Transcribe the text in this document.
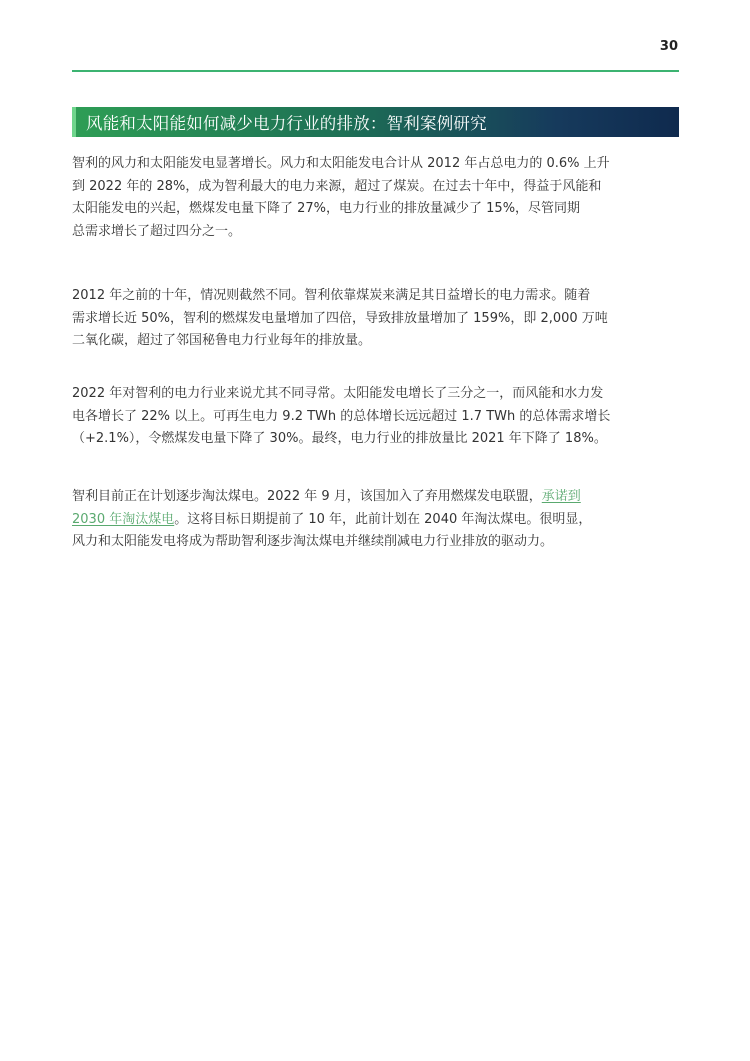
30
风能和太阳能如何减少电力行业的排放：智利案例研究

智利的风力和太阳能发电显著增长。风力和太阳能发电合计从 2012 年占总电力的 0.6% 上升
到 2022 年的 28%，成为智利最大的电力来源，超过了煤炭。在过去十年中，得益于风能和
太阳能发电的兴起，燃煤发电量下降了 27%，电力行业的排放量减少了 15%，尽管同期
总需求增长了超过四分之一。

2012 年之前的十年，情况则截然不同。智利依靠煤炭来满足其日益增长的电力需求。随着
需求增长近 50%，智利的燃煤发电量增加了四倍，导致排放量增加了 159%，即 2,000 万吨
二氧化碳，超过了邻国秘鲁电力行业每年的排放量。

2022 年对智利的电力行业来说尤其不同寻常。太阳能发电增长了三分之一，而风能和水力发
电各增长了 22% 以上。可再生电力 9.2 TWh 的总体增长远远超过 1.7 TWh 的总体需求增长
（+2.1%），令燃煤发电量下降了 30%。最终，电力行业的排放量比 2021 年下降了 18%。

智利目前正在计划逐步淘汰煤电。2022 年 9 月，该国加入了弃用燃煤发电联盟，承诺到
2030 年淘汰煤电。这将目标日期提前了 10 年，此前计划在 2040 年淘汰煤电。很明显，
风力和太阳能发电将成为帮助智利逐步淘汰煤电并继续削减电力行业排放的驱动力。
